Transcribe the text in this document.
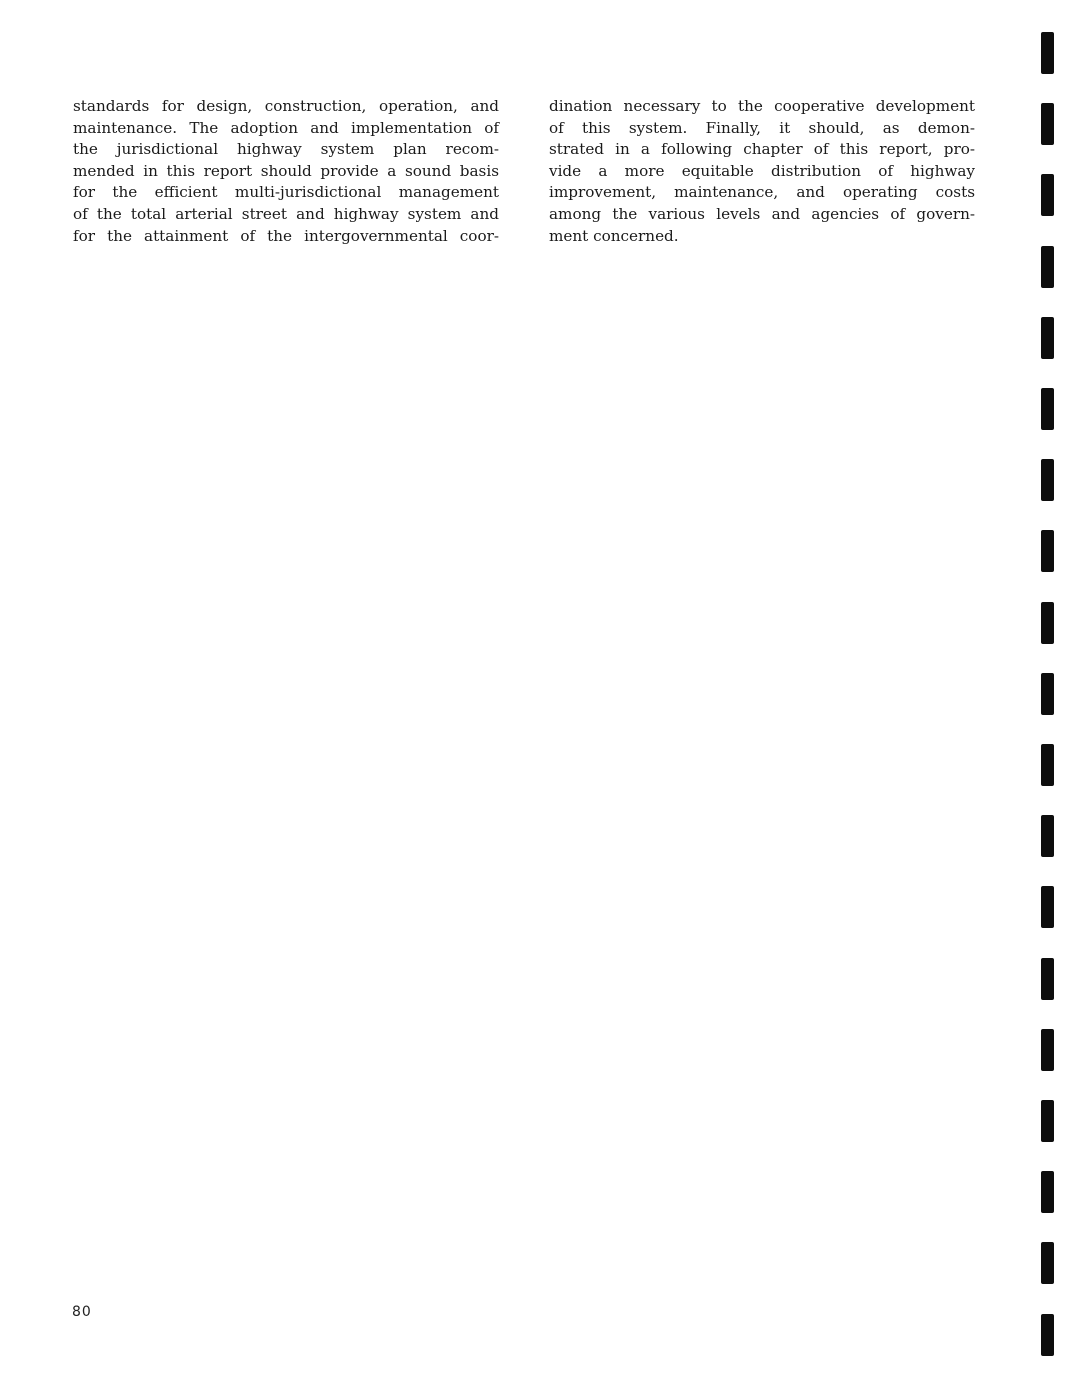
standards for design, construction, operation, and
maintenance. The adoption and implementation of
the jurisdictional highway system plan recom-
mended in this report should provide a sound basis
for the efficient multi-jurisdictional management
of the total arterial street and highway system and
for the attainment of the intergovernmental coor-
dination necessary to the cooperative development
of this system. Finally, it should, as demon-
strated in a following chapter of this report, pro-
vide a more equitable distribution of highway
improvement, maintenance, and operating costs
among the various levels and agencies of govern-
ment concerned.
80
